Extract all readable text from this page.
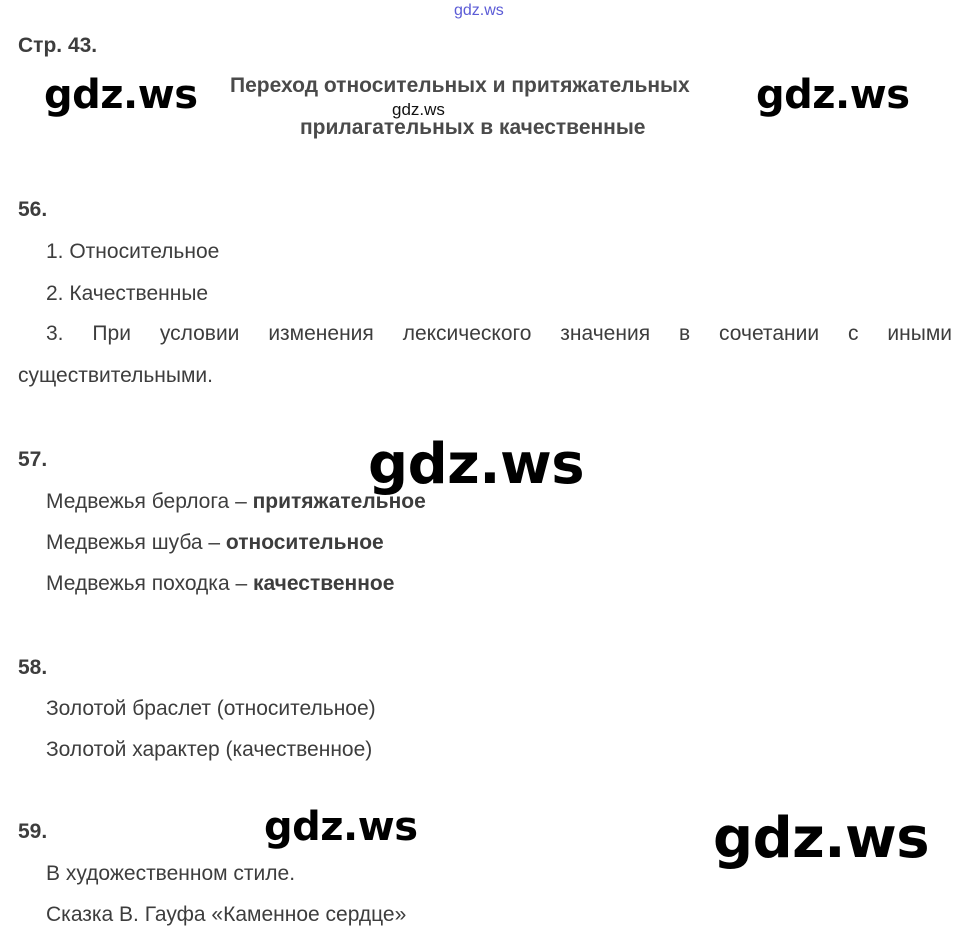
gdz.ws
gdz.ws
gdz.ws	gdz.ws
Стр. 43.
Переход относительных и притяжательных
прилагательных в качественные
56.
1. Относительное
2. Качественные
3. При условии изменения лексического значения в сочетании с иными
существительными.
57.
Медвежья берлога – притяжательное
Медвежья шуба – относительное
Медвежья походка – качественное
58.
Золотой браслет (относительное)
Золотой характер (качественное)
59.
В художественном стиле.
Сказка В. Гауфа «Каменное сердце»
gdz.ws
gdz.ws	gdz.ws
